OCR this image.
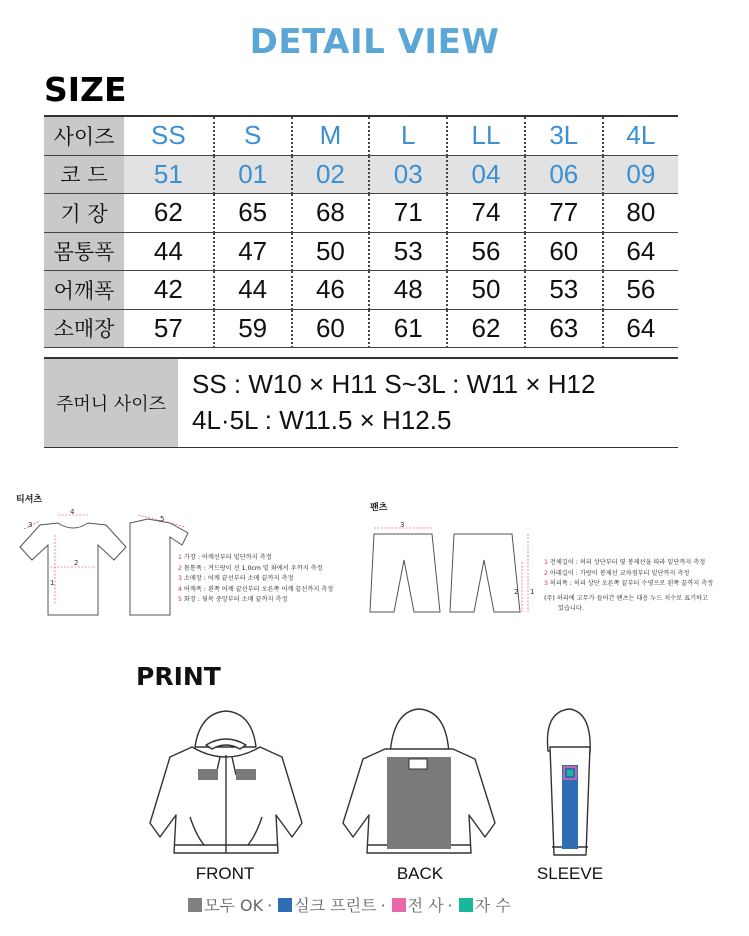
DETAIL VIEW
SIZE
사이즈	SS	S	M	L	LL	3L	4L
코 드	51	01	02	03	04	06	09
기 장	62	65	68	71	74	77	80
몸통폭	44	47	50	53	56	60	64
어깨폭	42	44	46	48	50	53	56
소매장	57	59	60	61	62	63	64
주머니 사이즈
SS : W10 × H11 S~3L : W11 × H12
4L·5L : W11.5 × H12.5
티셔츠
4
1
2
3
5
1 가장 : 어깨선부터 밑단까지 측정
2 몸통폭 : 겨드랑이 선 1.0cm 밑 좌에서 우까지 측정
3 소매장 : 어깨 끝선부터 소매 끝까지 측정
4 어깨폭 : 왼쪽 어깨 끝선부터 오른쪽 어깨 끝선까지 측정
5 화장 : 뒷목 중앙부터 소매 끝까지 측정
팬츠
3
2 1
1 전체길이 : 허리 상단부터 옆 봉제선을 따라 밑단까지 측정
2 아래길이 : 가랑이 봉제선 교차점부터 밑단까지 측정
3 허리폭 : 허리 상단 오른쪽 끝부터 수평으로 왼쪽 끝까지 측정
(주) 허리에 고무가 들어간 팬츠는 대응 누드 치수로 표기하고
있습니다.
PRINT
FRONT	BACK	SLEEVE
모두 OK · 실크 프린트 · 전 사 · 자 수
